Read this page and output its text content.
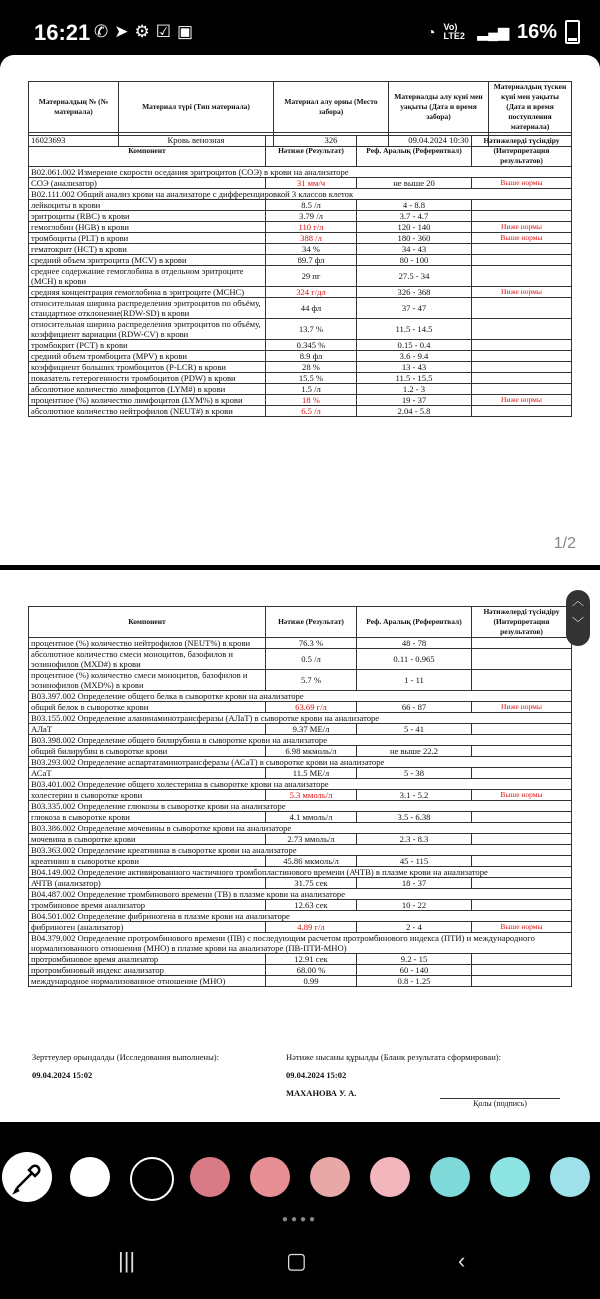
16:21 ✆➤⚙☑▣	◔ Vo) LTE2 ▂▄▆ 16%
Материалдың № (№ материала)	Материал түрі (Тип материала)	Материал алу орны (Место забора)	Материалды алу күні мен уақыты (Дата и время забора)	Материалдың түскен күні мен уақыты (Дата и время поступления материала)
16023693	Кровь венозная	326	09.04.2024 10:30	
Компонент	Нәтиже (Результат)	Реф. Аралық (Референтвал)	Нәтижелерді түсіндіру (Интерпретация результатов)
В02.061.002 Измерение скорости оседания эритроцитов (СОЭ) в крови на анализаторе			
СОЭ (анализатор)	31 мм/ч	не выше 20	Выше нормы
В02.111.002 Общий анализ крови на анализаторе с дифференцировкой 3 классов клеток			
лейкоциты в крови	8.5 /л	4 - 8.8	
эритроциты (RBC) в крови	3.79 /л	3.7 - 4.7	
гемоглобин (HGB) в крови	110 г/л	120 - 140	Ниже нормы
тромбоциты (PLT) в крови	388 /л	180 - 360	Выше нормы
гематокрит (HCT) в крови	34 %	34 - 43	
средний объем эритроцита (MCV) в крови	89.7 фл	80 - 100	
среднее содержание гемоглобина в отдельном эритроците (MCH) в крови	29 пг	27.5 - 34	
средняя концентрация гемоглобина в эритроците (MCHC)	324 г/дл	326 - 368	Ниже нормы
относительная ширина распределения эритроцитов по объёму, стандартное отклонение(RDW-SD) в крови	44 фл	37 - 47	
относительная ширина распределения эритроцитов по объёму, коэффициент вариации (RDW-CV) в крови	13.7 %	11.5 - 14.5	
тромбокрит (PCT) в крови	0.345 %	0.15 - 0.4	
средний объем тромбоцита (MPV) в крови	8.9 фл	3.6 - 9.4	
коэффициент больших тромбоцитов (P-LCR) в крови	28 %	13 - 43	
показатель гетерогенности тромбоцитов (PDW) в крови	15.5 %	11.5 - 15.5	
абсолютное количество лимфоцитов (LYM#) в крови	1.5 /л	1.2 - 3	
процентное (%) количество лимфоцитов (LYM%) в крови	18 %	19 - 37	Ниже нормы
абсолютное количество нейтрофилов (NEUT#) в крови	6.5 /л	2.04 - 5.8	
1/2
Компонент	Нәтиже (Результат)	Реф. Аралық (Референтвал)	Нәтижелерді түсіндіру (Интерпретация результатов)
процентное (%) количество нейтрофилов (NEUT%) в крови	76.3 %	48 - 78	
абсолютное количество смеси моноцитов, базофилов и эозинофилов (MXD#) в крови	0.5 /л	0.11 - 0.965	
процентное (%) количество смеси моноцитов, базофилов и эозинофилов (MXD%) в крови	5.7 %	1 - 11	
В03.397.002 Определение общего белка в сыворотке крови на анализаторе			
общий белок в сыворотке крови	63.69 г/л	66 - 87	Ниже нормы
В03.155.002 Определение аланинаминотрансферазы (АЛаТ) в сыворотке крови на анализаторе			
АЛаТ	9.37 МЕ/л	5 - 41	
В03.398.002 Определение общего билирубина в сыворотке крови на анализаторе			
общий билирубин в сыворотке крови	6.98 мкмоль/л	не выше 22.2	
В03.293.002 Определение аспартатаминотрансферазы (АСаТ) в сыворотке крови на анализаторе			
АСаТ	11.5 МЕ/л	5 - 38	
В03.401.002 Определение общего холестерина в сыворотке крови на анализаторе			
холестерин в сыворотке крови	5.3 ммоль/л	3.1 - 5.2	Выше нормы
В03.335.002 Определение глюкозы в сыворотке крови на анализаторе			
глюкоза в сыворотке крови	4.1 ммоль/л	3.5 - 6.38	
В03.386.002 Определение мочевины в сыворотке крови на анализаторе			
мочевина в сыворотке крови	2.73 ммоль/л	2.3 - 8.3	
В03.363.002 Определение креатинина в сыворотке крови на анализаторе			
креатинин в сыворотке крови	45.86 мкмоль/л	45 - 115	
В04.149.002 Определение активированного частичного тромбопластинового времени (АЧТВ) в плазме крови на анализаторе			
АЧТВ (анализатор)	31.75 сек	18 - 37	
В04.487.002 Определение тромбинового времени (ТВ) в плазме крови на анализаторе			
тромбиновое время анализатор	12.63 сек	10 - 22	
В04.501.002 Определение фибриногена в плазме крови на анализаторе			
фибриноген (анализатор)	4.89 г/л	2 - 4	Выше нормы
В04.379.002 Определение протромбинового времени (ПВ) с последующим расчетом протромбинового индекса (ПТИ) и международного нормализованного отношения (МНО) в плазме крови на анализаторе (ПВ-ПТИ-МНО)			
протромбиновое время анализатор	12.91 сек	9.2 - 15	
протромбиновый индекс анализатор	68.00 %	60 - 140	
международное нормализованное отношение (МНО)	0.99	0.8 - 1.25	
Зерттеулер орындалды (Исследования выполнены):	Нәтиже нысаны құрылды (Бланк результата сформирован):
09.04.2024 15:02	09.04.2024 15:02
МАХАНОВА У. А.
Қолы (подпись)
︿
﹀
●●●●
|||	▢	‹
